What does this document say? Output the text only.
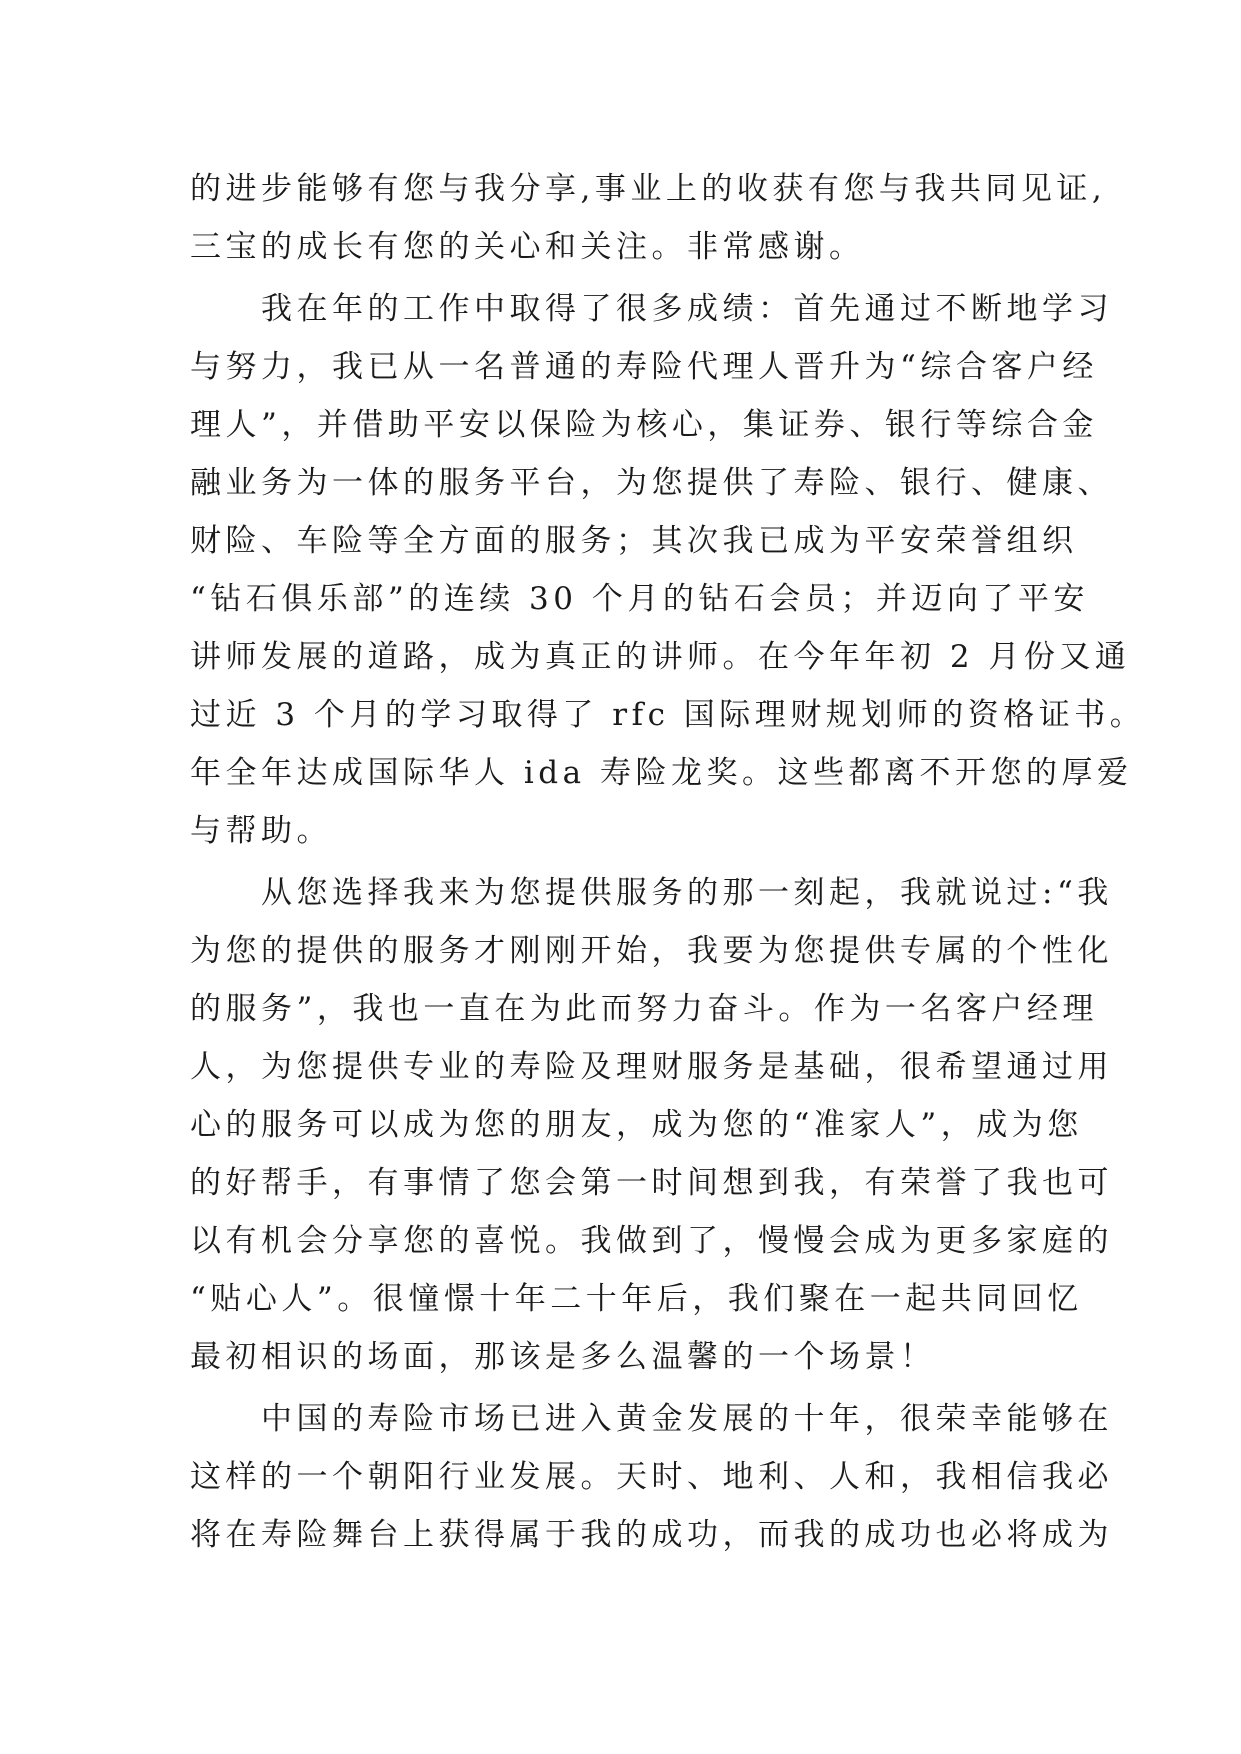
的进步能够有您与我分享,事业上的收获有您与我共同见证,
三宝的成长有您的关心和关注。非常感谢。
我在年的工作中取得了很多成绩：首先通过不断地学习
与努力，我已从一名普通的寿险代理人晋升为“综合客户经
理人”，并借助平安以保险为核心，集证券、银行等综合金
融业务为一体的服务平台，为您提供了寿险、银行、健康、
财险、车险等全方面的服务；其次我已成为平安荣誉组织
“钻石俱乐部”的连续 30 个月的钻石会员；并迈向了平安
讲师发展的道路，成为真正的讲师。在今年年初 2 月份又通
过近 3 个月的学习取得了 rfc 国际理财规划师的资格证书。
年全年达成国际华人 ida 寿险龙奖。这些都离不开您的厚爱
与帮助。
从您选择我来为您提供服务的那一刻起，我就说过:“我
为您的提供的服务才刚刚开始，我要为您提供专属的个性化
的服务”，我也一直在为此而努力奋斗。作为一名客户经理
人，为您提供专业的寿险及理财服务是基础，很希望通过用
心的服务可以成为您的朋友，成为您的“准家人”，成为您
的好帮手，有事情了您会第一时间想到我，有荣誉了我也可
以有机会分享您的喜悦。我做到了，慢慢会成为更多家庭的
“贴心人”。很憧憬十年二十年后，我们聚在一起共同回忆
最初相识的场面，那该是多么温馨的一个场景！
中国的寿险市场已进入黄金发展的十年，很荣幸能够在
这样的一个朝阳行业发展。天时、地利、人和，我相信我必
将在寿险舞台上获得属于我的成功，而我的成功也必将成为
